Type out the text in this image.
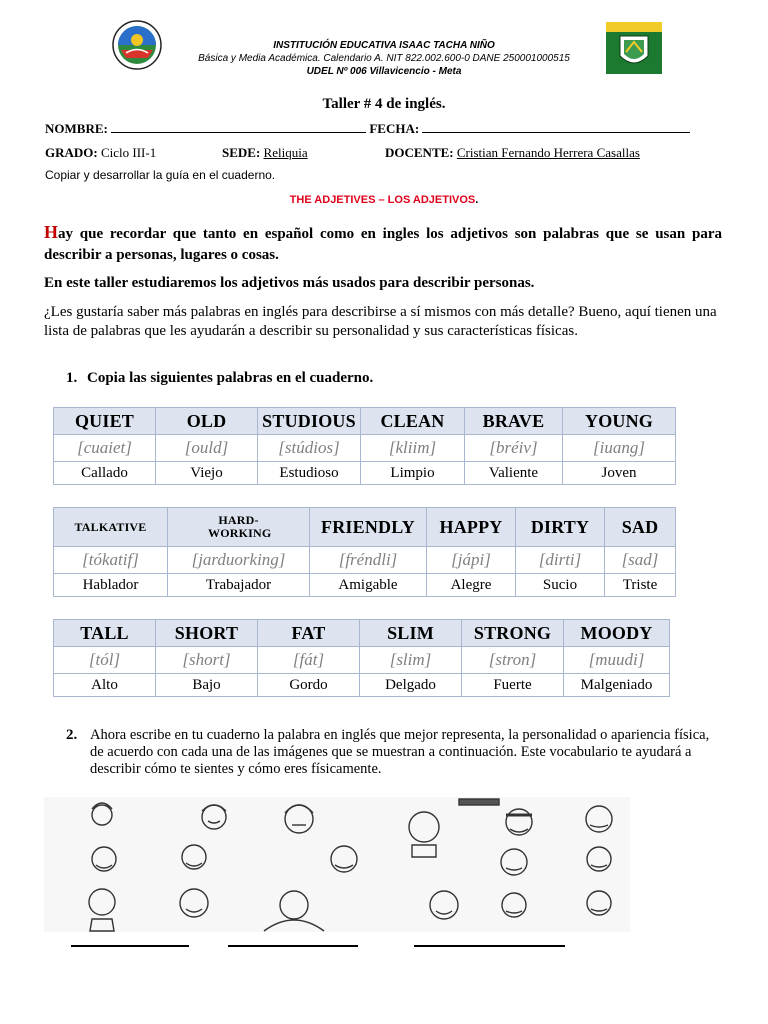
INSTITUCIÓN EDUCATIVA ISAAC TACHA NIÑO
Básica y Media Académica. Calendario A. NIT 822.002.600-0 DANE 250001000515
UDEL Nº 006 Villavicencio - Meta
Taller # 4 de inglés.
NOMBRE:	FECHA:
GRADO: Ciclo III-1	SEDE: Reliquia	DOCENTE: Cristian Fernando Herrera Casallas
Copiar y desarrollar la guía en el cuaderno.
THE ADJETIVES – LOS ADJETIVOS.
Hay que recordar que tanto en español como en ingles los adjetivos son palabras que se usan para describir a personas, lugares o cosas.
En este taller estudiaremos los adjetivos más usados para describir personas.
¿Les gustaría saber más palabras en inglés para describirse a sí mismos con más detalle? Bueno, aquí tienen una lista de palabras que les ayudarán a describir su personalidad y sus características físicas.
1. Copia las siguientes palabras en el cuaderno.
QUIET	OLD	STUDIOUS	CLEAN	BRAVE	YOUNG
[cuaiet]	[ould]	[stúdios]	[kliim]	[bréiv]	[iuang]
Callado	Viejo	Estudioso	Limpio	Valiente	Joven
TALKATIVE	HARD-WORKING	FRIENDLY	HAPPY	DIRTY	SAD
[tókatif]	[jarduorking]	[fréndli]	[jápi]	[dirti]	[sad]
Hablador	Trabajador	Amigable	Alegre	Sucio	Triste
TALL	SHORT	FAT	SLIM	STRONG	MOODY
[tól]	[short]	[fát]	[slim]	[stron]	[muudi]
Alto	Bajo	Gordo	Delgado	Fuerte	Malgeniado
2. Ahora escribe en tu cuaderno la palabra en inglés que mejor representa, la personalidad o apariencia física, de acuerdo con cada una de las imágenes que se muestran a continuación. Este vocabulario te ayudará a describir cómo te sientes y cómo eres físicamente.
